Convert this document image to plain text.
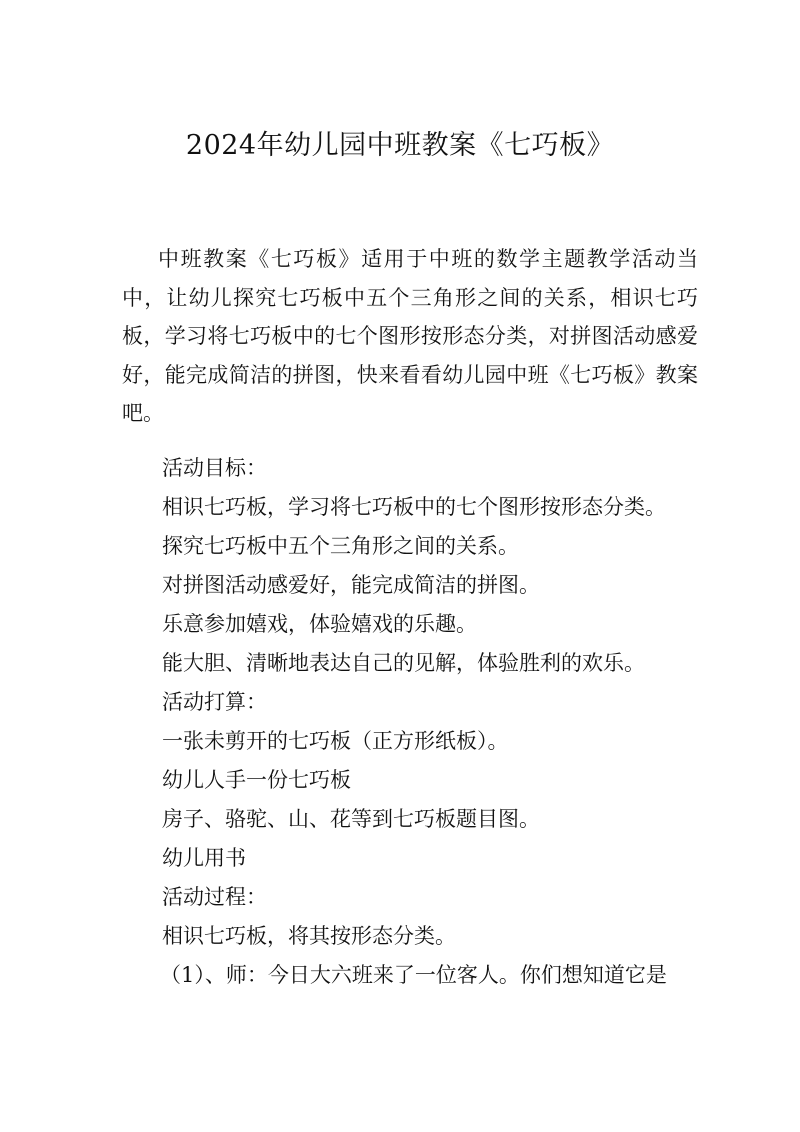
2024年幼儿园中班教案《七巧板》

中班教案《七巧板》适用于中班的数学主题教学活动当中，让幼儿探究七巧板中五个三角形之间的关系，相识七巧板，学习将七巧板中的七个图形按形态分类，对拼图活动感爱好，能完成简洁的拼图，快来看看幼儿园中班《七巧板》教案吧。

活动目标：
相识七巧板，学习将七巧板中的七个图形按形态分类。
探究七巧板中五个三角形之间的关系。
对拼图活动感爱好，能完成简洁的拼图。
乐意参加嬉戏，体验嬉戏的乐趣。
能大胆、清晰地表达自己的见解，体验胜利的欢乐。
活动打算：
一张未剪开的七巧板（正方形纸板）。
幼儿人手一份七巧板
房子、骆驼、山、花等到七巧板题目图。
幼儿用书
活动过程：
相识七巧板，将其按形态分类。
（1）、师：今日大六班来了一位客人。你们想知道它是
